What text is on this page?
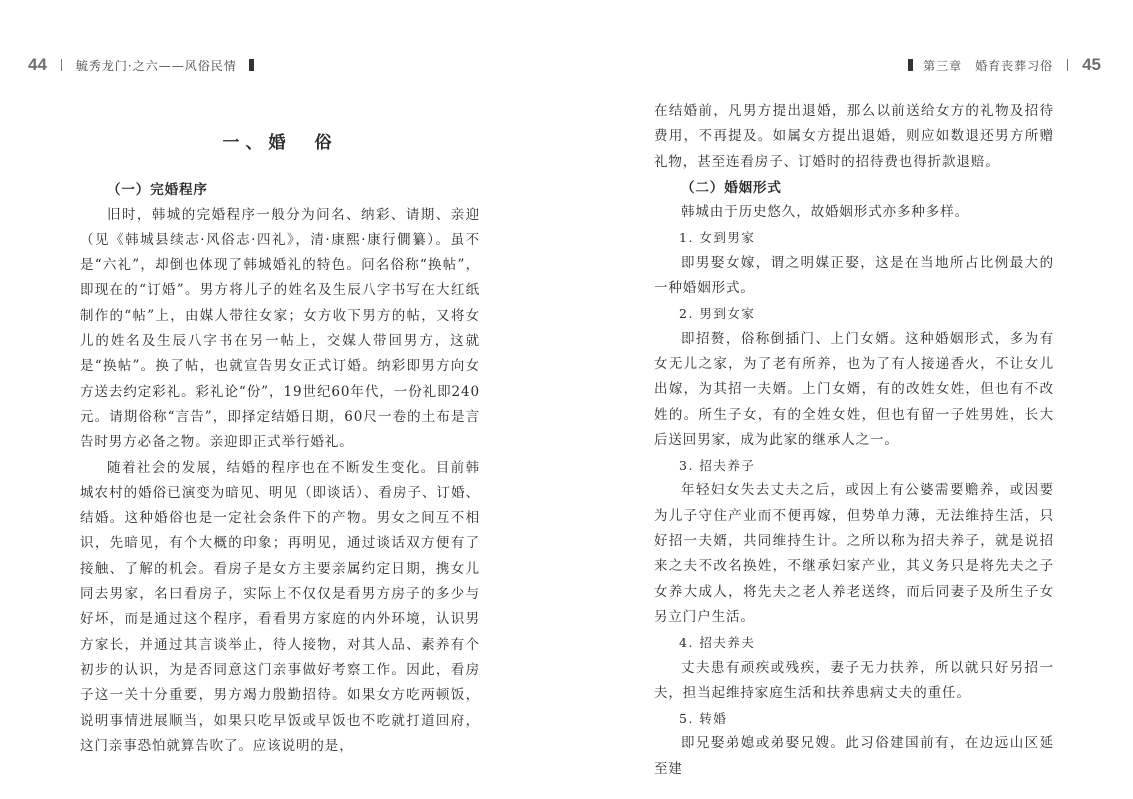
44 毓秀龙门·之六——风俗民情
一、婚　俗

（一）完婚程序

旧时，韩城的完婚程序一般分为问名、纳彩、请期、亲迎（见《韩城县续志·风俗志·四礼》，清·康熙·康行僩纂）。虽不是“六礼”，却倒也体现了韩城婚礼的特色。问名俗称“换帖”，即现在的“订婚”。男方将儿子的姓名及生辰八字书写在大红纸制作的“帖”上，由媒人带往女家；女方收下男方的帖，又将女儿的姓名及生辰八字书在另一帖上，交媒人带回男方，这就是“换帖”。换了帖，也就宣告男女正式订婚。纳彩即男方向女方送去约定彩礼。彩礼论“份”，19世纪60年代，一份礼即240元。请期俗称“言告”，即择定结婚日期，60尺一卷的土布是言告时男方必备之物。亲迎即正式举行婚礼。

随着社会的发展，结婚的程序也在不断发生变化。目前韩城农村的婚俗已演变为暗见、明见（即谈话）、看房子、订婚、结婚。这种婚俗也是一定社会条件下的产物。男女之间互不相识，先暗见，有个大概的印象；再明见，通过谈话双方便有了接触、了解的机会。看房子是女方主要亲属约定日期，携女儿同去男家，名曰看房子，实际上不仅仅是看男方房子的多少与好坏，而是通过这个程序，看看男方家庭的内外环境，认识男方家长，并通过其言谈举止，待人接物，对其人品、素养有个初步的认识，为是否同意这门亲事做好考察工作。因此，看房子这一关十分重要，男方竭力殷勤招待。如果女方吃两顿饭，说明事情进展顺当，如果只吃早饭或早饭也不吃就打道回府，这门亲事恐怕就算告吹了。应该说明的是，

第三章　婚育丧葬习俗 45

在结婚前，凡男方提出退婚，那么以前送给女方的礼物及招待费用，不再提及。如属女方提出退婚，则应如数退还男方所赠礼物，甚至连看房子、订婚时的招待费也得折款退赔。

（二）婚姻形式

韩城由于历史悠久，故婚姻形式亦多种多样。

1. 女到男家

即男娶女嫁，谓之明媒正娶，这是在当地所占比例最大的一种婚姻形式。

2. 男到女家

即招赘，俗称倒插门、上门女婿。这种婚姻形式，多为有女无儿之家，为了老有所养，也为了有人接递香火，不让女儿出嫁，为其招一夫婿。上门女婿，有的改姓女姓，但也有不改姓的。所生子女，有的全姓女姓，但也有留一子姓男姓，长大后送回男家，成为此家的继承人之一。

3. 招夫养子

年轻妇女失去丈夫之后，或因上有公婆需要赡养，或因要为儿子守住产业而不便再嫁，但势单力薄，无法维持生活，只好招一夫婿，共同维持生计。之所以称为招夫养子，就是说招来之夫不改名换姓，不继承妇家产业，其义务只是将先夫之子女养大成人，将先夫之老人养老送终，而后同妻子及所生子女另立门户生活。

4. 招夫养夫

丈夫患有顽疾或残疾，妻子无力扶养，所以就只好另招一夫，担当起维持家庭生活和扶养患病丈夫的重任。

5. 转婚

即兄娶弟媳或弟娶兄嫂。此习俗建国前有，在边远山区延至建
